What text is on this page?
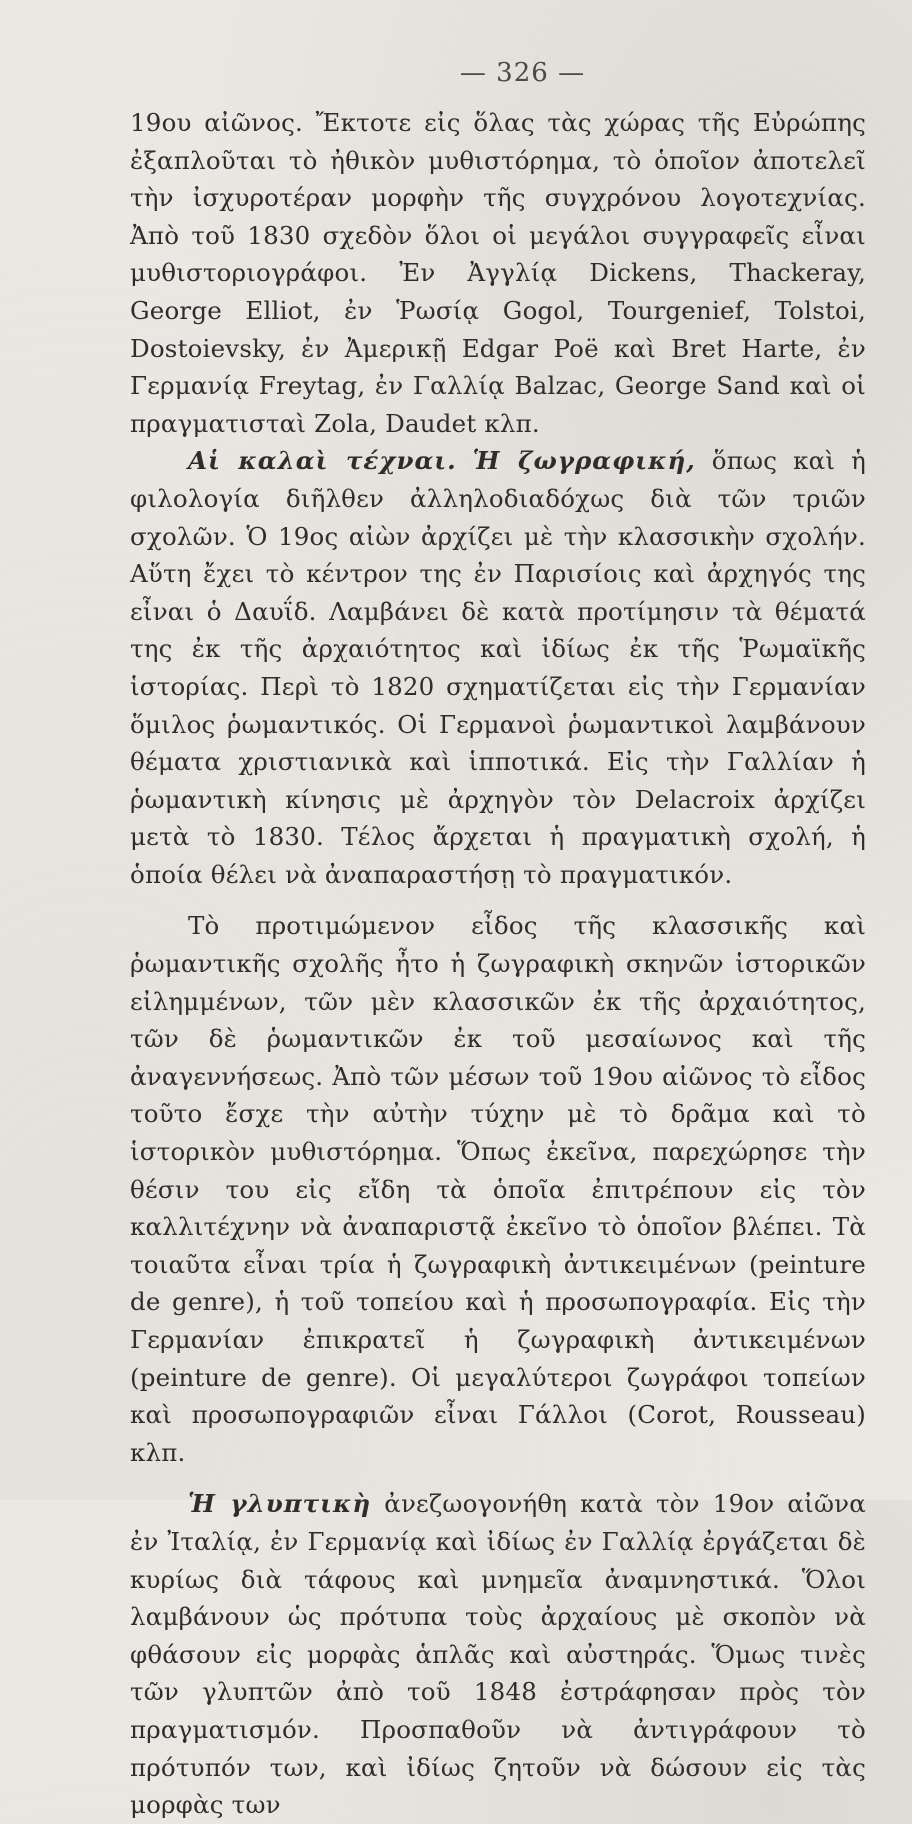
— 326 —

19ου αἰῶνος. Ἔκτοτε εἰς ὅλας τὰς χώρας τῆς Εὐρώπης ἐξαπλοῦται τὸ ἠθικὸν μυθιστόρημα, τὸ ὁποῖον ἀποτελεῖ τὴν ἰσχυροτέραν μορφὴν τῆς συγχρόνου λογοτεχνίας. Ἀπὸ τοῦ 1830 σχεδὸν ὅλοι οἱ μεγάλοι συγγραφεῖς εἶναι μυθιστοριογράφοι. Ἐν Ἀγγλίᾳ Dickens, Thackeray, George Elliot, ἐν Ῥωσίᾳ Gogol, Tourgenief, Tolstoi, Dostoievsky, ἐν Ἀμερικῇ Edgar Poë καὶ Bret Harte, ἐν Γερμανίᾳ Freytag, ἐν Γαλλίᾳ Balzac, George Sand καὶ οἱ πραγματισταὶ Zola, Daudet κλπ.

Αἱ καλαὶ τέχναι. Ἡ ζωγραφική, ὅπως καὶ ἡ φιλολογία διῆλθεν ἀλληλοδιαδόχως διὰ τῶν τριῶν σχολῶν. Ὁ 19ος αἰὼν ἀρχίζει μὲ τὴν κλασσικὴν σχολήν. Αὕτη ἔχει τὸ κέντρον της ἐν Παρισίοις καὶ ἀρχηγός της εἶναι ὁ Δαυΐδ. Λαμβάνει δὲ κατὰ προτίμησιν τὰ θέματά της ἐκ τῆς ἀρχαιότητος καὶ ἰδίως ἐκ τῆς Ῥωμαϊκῆς ἱστορίας. Περὶ τὸ 1820 σχηματίζεται εἰς τὴν Γερμανίαν ὅμιλος ῥωμαντικός. Οἱ Γερμανοὶ ῥωμαντικοὶ λαμβάνουν θέματα χριστιανικὰ καὶ ἱπποτικά. Εἰς τὴν Γαλλίαν ἡ ῥωμαντικὴ κίνησις μὲ ἀρχηγὸν τὸν Delacroix ἀρχίζει μετὰ τὸ 1830. Τέλος ἄρχεται ἡ πραγματικὴ σχολή, ἡ ὁποία θέλει νὰ ἀναπαραστήσῃ τὸ πραγματικόν.

Τὸ προτιμώμενον εἶδος τῆς κλασσικῆς καὶ ῥωμαντικῆς σχολῆς ἦτο ἡ ζωγραφικὴ σκηνῶν ἱστορικῶν εἰλημμένων, τῶν μὲν κλασσικῶν ἐκ τῆς ἀρχαιότητος, τῶν δὲ ῥωμαντικῶν ἐκ τοῦ μεσαίωνος καὶ τῆς ἀναγεννήσεως. Ἀπὸ τῶν μέσων τοῦ 19ου αἰῶνος τὸ εἶδος τοῦτο ἔσχε τὴν αὐτὴν τύχην μὲ τὸ δρᾶμα καὶ τὸ ἱστορικὸν μυθιστόρημα. Ὅπως ἐκεῖνα, παρεχώρησε τὴν θέσιν του εἰς εἴδη τὰ ὁποῖα ἐπιτρέπουν εἰς τὸν καλλιτέχνην νὰ ἀναπαριστᾷ ἐκεῖνο τὸ ὁποῖον βλέπει. Τὰ τοιαῦτα εἶναι τρία ἡ ζωγραφικὴ ἀντικειμένων (peinture de genre), ἡ τοῦ τοπείου καὶ ἡ προσωπογραφία. Εἰς τὴν Γερμανίαν ἐπικρατεῖ ἡ ζωγραφικὴ ἀντικειμένων (peinture de genre). Οἱ μεγαλύτεροι ζωγράφοι τοπείων καὶ προσωπογραφιῶν εἶναι Γάλλοι (Corot, Rousseau) κλπ.

Ἡ γλυπτικὴ ἀνεζωογονήθη κατὰ τὸν 19ον αἰῶνα ἐν Ἰταλίᾳ, ἐν Γερμανίᾳ καὶ ἰδίως ἐν Γαλλίᾳ ἐργάζεται δὲ κυρίως διὰ τάφους καὶ μνημεῖα ἀναμνηστικά. Ὅλοι λαμβάνουν ὡς πρότυπα τοὺς ἀρχαίους μὲ σκοπὸν νὰ φθάσουν εἰς μορφὰς ἁπλᾶς καὶ αὐστηράς. Ὅμως τινὲς τῶν γλυπτῶν ἀπὸ τοῦ 1848 ἐστράφησαν πρὸς τὸν πραγματισμόν. Προσπαθοῦν νὰ ἀντιγράφουν τὸ πρότυπόν των, καὶ ἰδίως ζητοῦν νὰ δώσουν εἰς τὰς μορφὰς των
